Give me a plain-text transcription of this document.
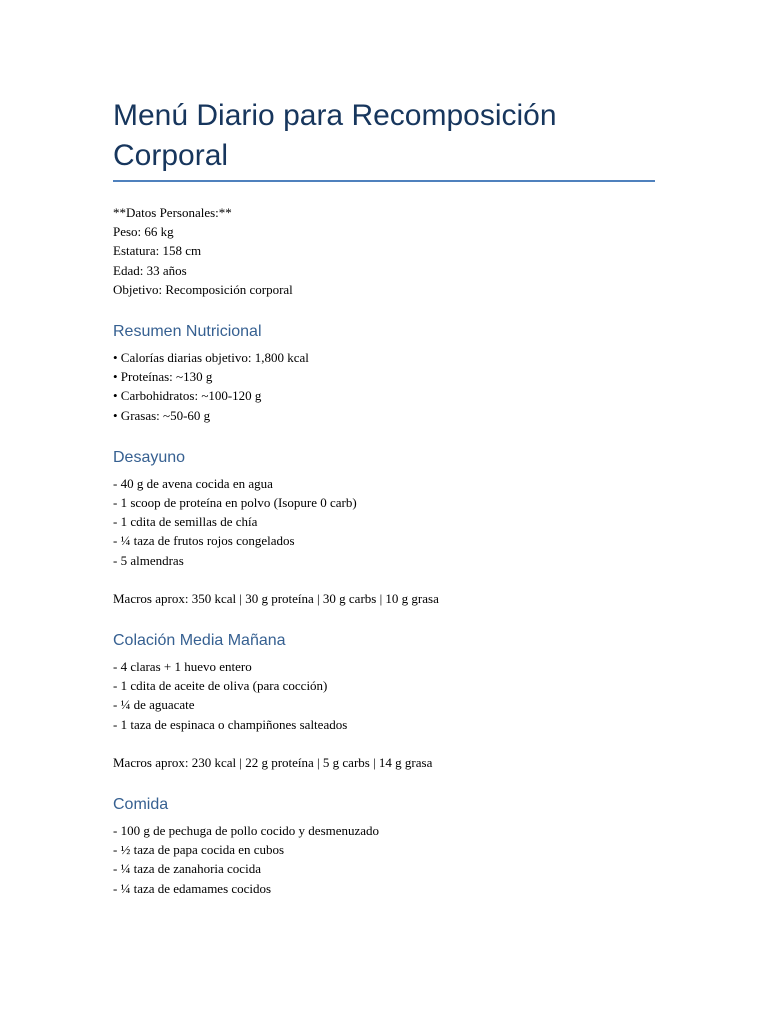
Menú Diario para Recomposición Corporal
**Datos Personales:**
Peso: 66 kg
Estatura: 158 cm
Edad: 33 años
Objetivo: Recomposición corporal
Resumen Nutricional
• Calorías diarias objetivo: 1,800 kcal
• Proteínas: ~130 g
• Carbohidratos: ~100-120 g
• Grasas: ~50-60 g
Desayuno
- 40 g de avena cocida en agua
- 1 scoop de proteína en polvo (Isopure 0 carb)
- 1 cdita de semillas de chía
- ¼ taza de frutos rojos congelados
- 5 almendras
Macros aprox: 350 kcal | 30 g proteína | 30 g carbs | 10 g grasa
Colación Media Mañana
- 4 claras + 1 huevo entero
- 1 cdita de aceite de oliva (para cocción)
- ¼ de aguacate
- 1 taza de espinaca o champiñones salteados
Macros aprox: 230 kcal | 22 g proteína | 5 g carbs | 14 g grasa
Comida
- 100 g de pechuga de pollo cocido y desmenuzado
- ½ taza de papa cocida en cubos
- ¼ taza de zanahoria cocida
- ¼ taza de edamames cocidos
